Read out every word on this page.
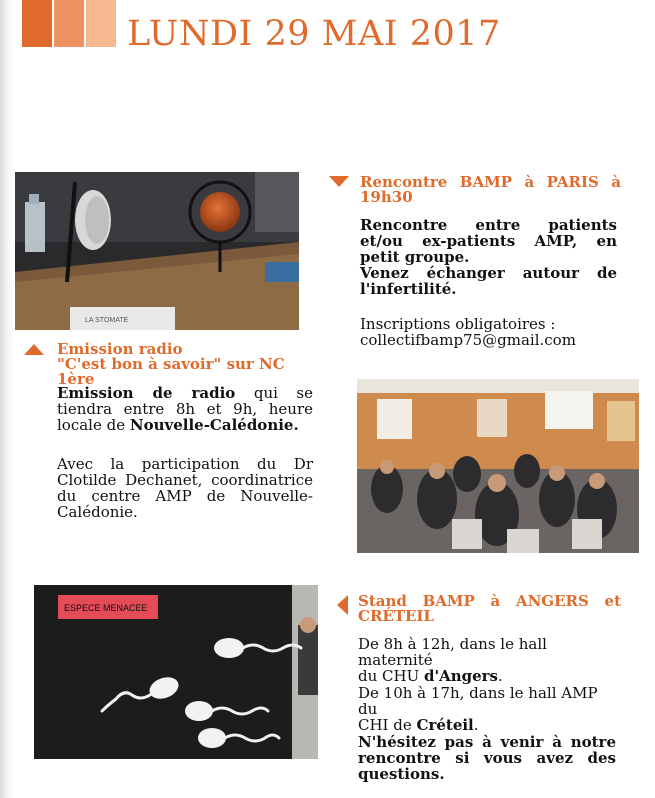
LUNDI 29 MAI 2017
LA STOMATE
Rencontre BAMP à PARIS à
19h30
Rencontre entre patients
et/ou ex-patients AMP, en
petit groupe.
Venez échanger autour de
l'infertilité.
Inscriptions obligatoires :
collectifbamp75@gmail.com
Emission radio
"C'est bon à savoir" sur NC 1ère
Emission de radio qui se
tiendra entre 8h et 9h, heure
locale de Nouvelle-Calédonie.
Avec la participation du Dr
Clotilde Dechanet, coordinatrice
du centre AMP de Nouvelle-
Calédonie.
ESPECE MENACEE	Stand BAMP à ANGERS et
CRÉTEIL
De 8h à 12h, dans le hall maternité
du CHU d'Angers.
De 10h à 17h, dans le hall AMP du
CHI de Créteil.
N'hésitez pas à venir à notre
rencontre si vous avez des
questions.
